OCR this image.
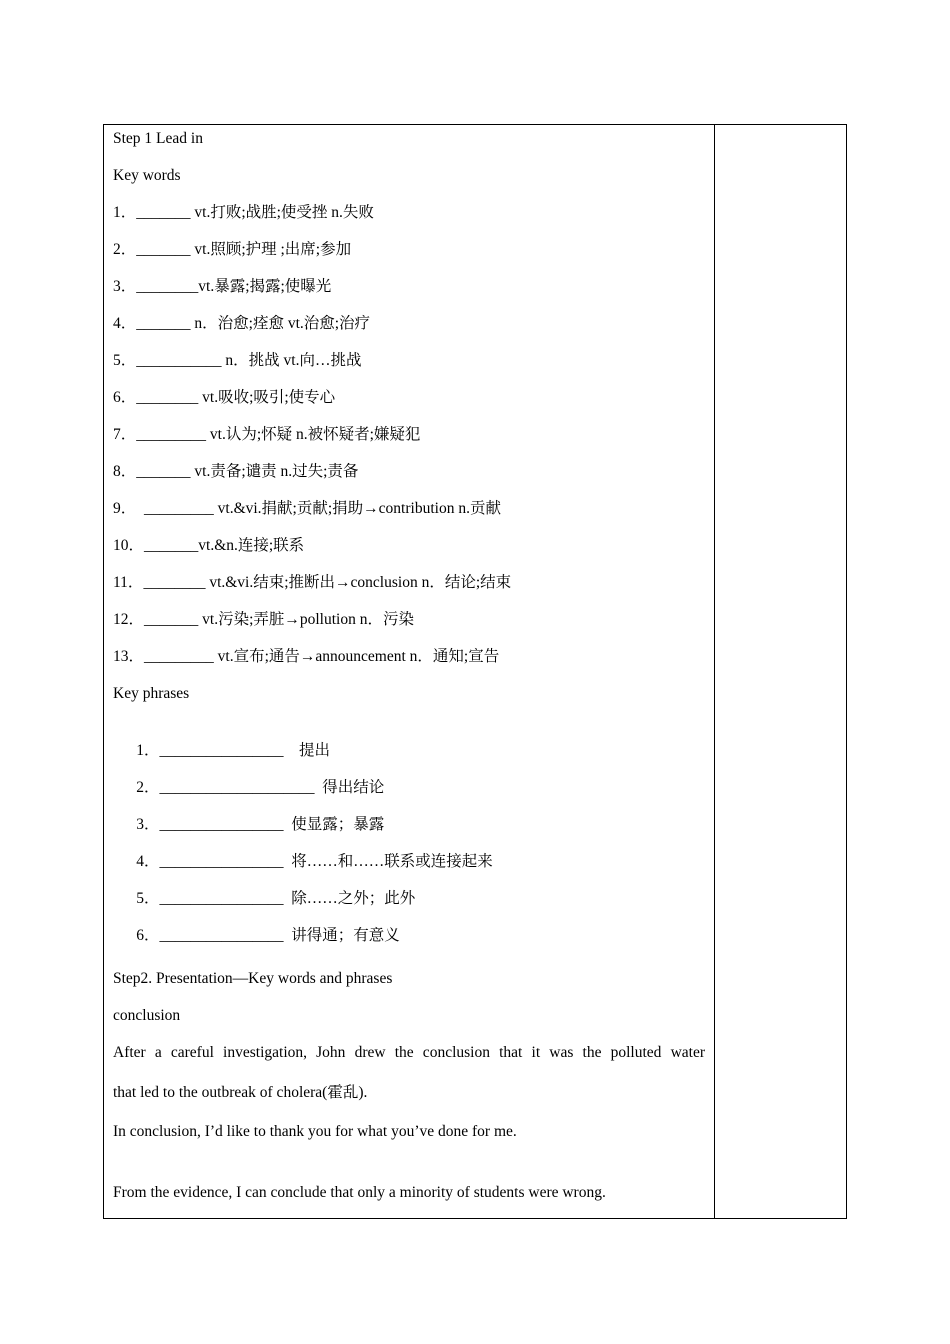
Step 1 Lead in
Key words
1．_______ vt.打败;战胜;使受挫 n.失败
2．_______ vt.照顾;护理 ;出席;参加
3．________vt.暴露;揭露;使曝光
4．_______ n．治愈;痊愈 vt.治愈;治疗
5．___________ n．挑战 vt.向…挑战
6．________ vt.吸收;吸引;使专心
7．_________ vt.认为;怀疑 n.被怀疑者;嫌疑犯
8．_______ vt.责备;谴责 n.过失;责备
9．  _________ vt.&vi.捐献;贡献;捐助→contribution n.贡献
10．_______vt.&n.连接;联系
11．________ vt.&vi.结束;推断出→conclusion n．结论;结束
12．_______ vt.污染;弄脏→pollution n．污染
13．_________ vt.宣布;通告→announcement n．通知;宣告
Key phrases

1．________________    提出

2．____________________  得出结论

3．________________  使显露；暴露

4．________________  将……和……联系或连接起来

5．________________  除……之外；此外

6．________________  讲得通；有意义

Step2. Presentation—Key words and phrases
conclusion
After a careful investigation, John drew the conclusion that it was the polluted water
that led to the outbreak of cholera(霍乱).
In conclusion, I’d like to thank you for what you’ve done for me.
From the evidence, I can conclude that only a minority of students were wrong.
